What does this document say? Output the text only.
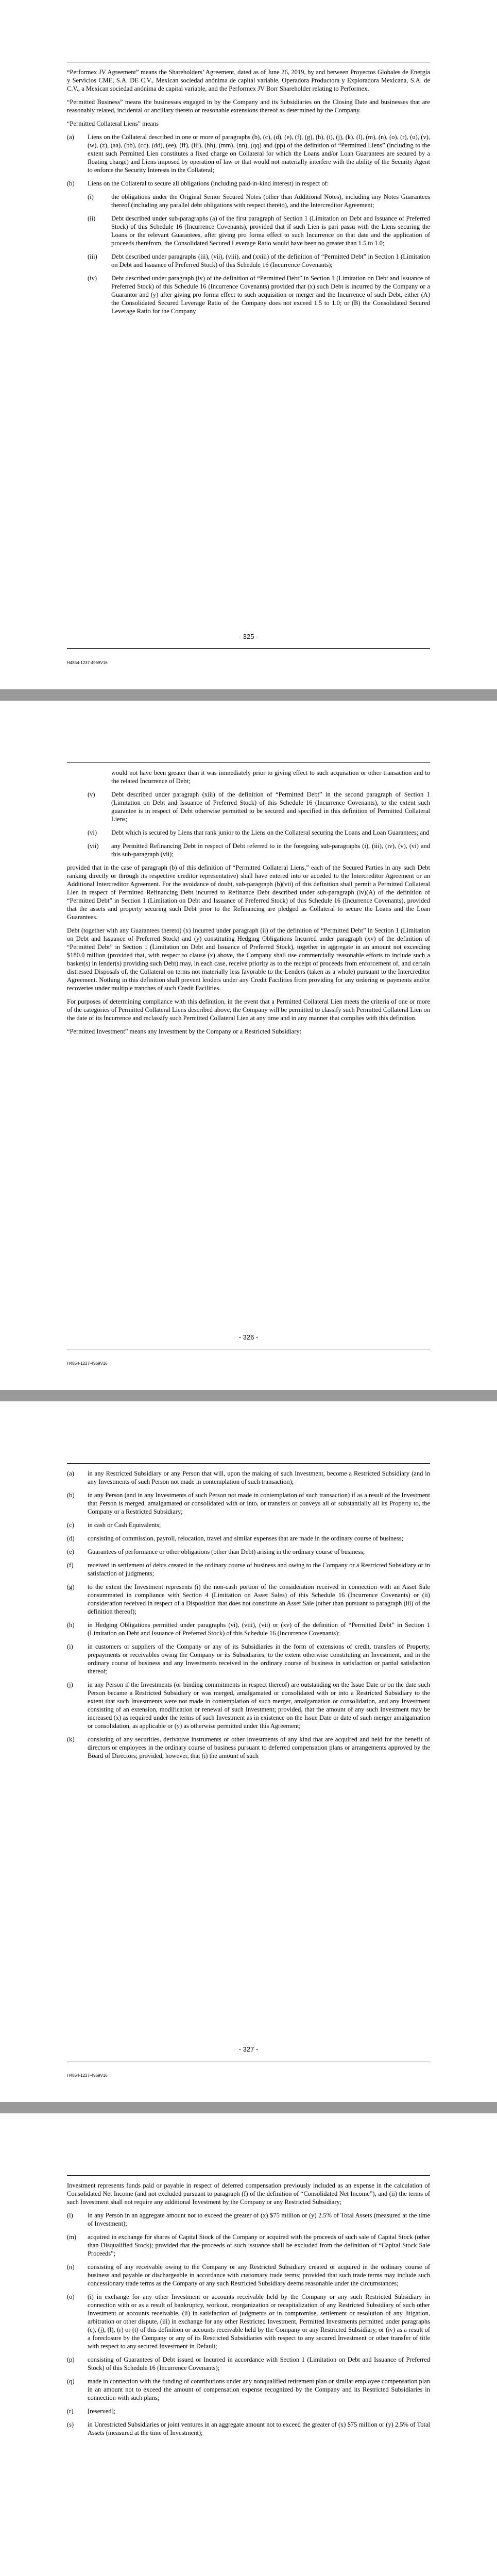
“Performex JV Agreement” means the Shareholders’ Agreement, dated as of June 26, 2019, by and between Proyectos Globales de Energía y Servicios CME, S.A. DE C.V., Mexican sociedad anónima de capital variable, Operadora Productora y Exploradora Mexicana, S.A. de C.V., a Mexican sociedad anónima de capital variable, and the Performex JV Borr Shareholder relating to Performex.

“Permitted Business” means the businesses engaged in by the Company and its Subsidiaries on the Closing Date and businesses that are reasonably related, incidental or ancillary thereto or reasonable extensions thereof as determined by the Company.

“Permitted Collateral Liens” means

(a) Liens on the Collateral described in one or more of paragraphs (b), (c), (d), (e), (f), (g), (h), (i), (j), (k), (l), (m), (n), (o), (r), (u), (v), (w), (z), (aa), (bb), (cc), (dd), (ee), (ff), (iii), (hh), (mm), (nn), (qq) and (pp) of the definition of “Permitted Liens” (including to the extent such Permitted Lien constitutes a fixed charge on Collateral for which the Loans and/or Loan Guarantees are secured by a floating charge) and Liens imposed by operation of law or that would not materially interfere with the ability of the Security Agent to enforce the Security Interests in the Collateral;
(b) Liens on the Collateral to secure all obligations (including paid-in-kind interest) in respect of:
(i)	the obligations under the Original Senior Secured Notes (other than Additional Notes), including any Notes Guarantees thereof (including any parallel debt obligations with respect thereto), and the Intercreditor Agreement;
(ii) Debt described under sub-paragraphs (a) of the first paragraph of Section 1 (Limitation on Debt and Issuance of Preferred Stock) of this Schedule 16 (Incurrence Covenants), provided that if such Lien is pari passu with the Liens securing the Loans or the relevant Guarantees, after giving pro forma effect to such Incurrence on that date and the application of proceeds therefrom, the Consolidated Secured Leverage Ratio would have been no greater than 1.5 to 1.0;
(iii) Debt described under paragraphs (iii), (vii), (viii), and (xxiii) of the definition of “Permitted Debt” in Section 1 (Limitation on Debt and Issuance of Preferred Stock) of this Schedule 16 (Incurrence Covenants);
(iv) Debt described under paragraph (iv) of the definition of “Permitted Debt” in Section 1 (Limitation on Debt and Issuance of Preferred Stock) of this Schedule 16 (Incurrence Covenants) provided that (x) such Debt is incurred by the Company or a Guarantor and (y) after giving pro forma effect to such acquisition or merger and the Incurrence of such Debt, either (A) the Consolidated Secured Leverage Ratio of the Company does not exceed 1.5 to 1.0; or (B) the Consolidated Secured Leverage Ratio for the Company
- 325 -
H4854-1237-4969V16

would not have been greater than it was immediately prior to giving effect to such acquisition or other transaction and to the related Incurrence of Debt;

(v)	Debt described under paragraph (xiii) of the definition of “Permitted Debt” in the second paragraph of Section 1 (Limitation on Debt and Issuance of Preferred Stock) of this Schedule 16 (Incurrence Covenants), to the extent such guarantee is in respect of Debt otherwise permitted to be secured and specified in this definition of Permitted Collateral Liens;
(vi) Debt which is secured by Liens that rank junior to the Liens on the Collateral securing the Loans and Loan Guarantees; and
(vii) any Permitted Refinancing Debt in respect of Debt referred to in the foregoing sub-paragraphs (i), (iii), (iv), (v), (vi) and this sub-paragraph (vii);

provided that in the case of paragraph (b) of this definition of “Permitted Collateral Liens,” each of the Secured Parties in any such Debt ranking directly or through its respective creditor representative) shall have entered into or acceded to the Intercreditor Agreement or an Additional Intercreditor Agreement. For the avoidance of doubt, sub-paragraph (b)(vii) of this definition shall permit a Permitted Collateral Lien in respect of Permitted Refinancing Debt incurred to Refinance Debt described under sub-paragraph (iv)(A) of the definition of “Permitted Debt” in Section 1 (Limitation on Debt and Issuance of Preferred Stock) of this Schedule 16 (Incurrence Covenants), provided that the assets and property securing such Debt prior to the Refinancing are pledged as Collateral to secure the Loans and the Loan Guarantees.

Debt (together with any Guarantees thereto) (x) Incurred under paragraph (ii) of the definition of “Permitted Debt” in Section 1 (Limitation on Debt and Issuance of Preferred Stock) and (y) constituting Hedging Obligations Incurred under paragraph (xv) of the definition of “Permitted Debt” in Section 1 (Limitation on Debt and Issuance of Preferred Stock), together in aggregate in an amount not exceeding $180.0 million (provided that, with respect to clause (x) above, the Company shall use commercially reasonable efforts to include such a basket(s) in lender(s) providing such Debt) may, in each case, receive priority as to the receipt of proceeds from enforcement of, and certain distressed Disposals of, the Collateral on terms not materially less favorable to the Lenders (taken as a whole) pursuant to the Intercreditor Agreement. Nothing in this definition shall prevent lenders under any Credit Facilities from providing for any ordering or payments and/or recoveries under multiple tranches of such Credit Facilities.

For purposes of determining compliance with this definition, in the event that a Permitted Collateral Lien meets the criteria of one or more of the categories of Permitted Collateral Liens described above, the Company will be permitted to classify such Permitted Collateral Lien on the date of its Incurrence and reclassify such Permitted Collateral Lien at any time and in any manner that complies with this definition.

“Permitted Investment” means any Investment by the Company or a Restricted Subsidiary:

- 326 -
H4854-1237-4969V16
(a) in any Restricted Subsidiary or any Person that will, upon the making of such Investment, become a Restricted Subsidiary (and in any Investments of such Person not made in contemplation of such transaction);
(b) in any Person (and in any Investments of such Person not made in contemplation of such transaction) if as a result of the Investment that Person is merged, amalgamated or consolidated with or into, or transfers or conveys all or substantially all its Property to, the Company or a Restricted Subsidiary;
(c) in cash or Cash Equivalents;
(d) consisting of commission, payroll, relocation, travel and similar expenses that are made in the ordinary course of business;
(e) Guarantees of performance or other obligations (other than Debt) arising in the ordinary course of business;
(f) received in settlement of debts created in the ordinary course of business and owing to the Company or a Restricted Subsidiary or in satisfaction of judgments;
(g) to the extent the Investment represents (i) the non-cash portion of the consideration received in connection with an Asset Sale consummated in compliance with Section 4 (Limitation on Asset Sales) of this Schedule 16 (Incurrence Covenants) or (ii) consideration received in respect of a Disposition that does not constitute an Asset Sale (other than pursuant to paragraph (iii) of the definition thereof);
(h) in Hedging Obligations permitted under paragraphs (vi), (viii), (vii) or (xv) of the definition of “Permitted Debt” in Section 1 (Limitation on Debt and Issuance of Preferred Stock) of this Schedule 16 (Incurrence Covenants);
(i) in customers or suppliers of the Company or any of its Subsidiaries in the form of extensions of credit, transfers of Property, prepayments or receivables owing the Company or its Subsidiaries, to the extent otherwise constituting an Investment, and in the ordinary course of business and any Investments received in the ordinary course of business in satisfaction or partial satisfaction thereof;
(j) in any Person if the Investments (or binding commitments in respect thereof) are outstanding on the Issue Date or on the date such Person became a Restricted Subsidiary or was merged, amalgamated or consolidated with or into a Restricted Subsidiary to the extent that such Investments were not made in contemplation of such merger, amalgamation or consolidation, and any Investment consisting of an extension, modification or renewal of such Investment; provided, that the amount of any such Investment may be increased (x) as required under the terms of such Investment as in existence on the Issue Date or date of such merger amalgamation or consolidation, as applicable or (y) as otherwise permitted under this Agreement;
(k) consisting of any securities, derivative instruments or other Investments of any kind that are acquired and held for the benefit of directors or employees in the ordinary course of business pursuant to deferred compensation plans or arrangements approved by the Board of Directors; provided, however, that (i) the amount of such
- 327 -
H4854-1237-4969V16

Investment represents funds paid or payable in respect of deferred compensation previously included as an expense in the calculation of Consolidated Net Income (and not excluded pursuant to paragraph (f) of the definition of “Consolidated Net Income”), and (ii) the terms of such Investment shall not require any additional Investment by the Company or any Restricted Subsidiary;

(l) in any Person in an aggregate amount not to exceed the greater of (x) $75 million or (y) 2.5% of Total Assets (measured at the time of Investment);
(m) acquired in exchange for shares of Capital Stock of the Company or acquired with the proceeds of such sale of Capital Stock (other than Disqualified Stock); provided that the proceeds of such issuance shall be excluded from the definition of “Capital Stock Sale Proceeds”;
(n) consisting of any receivable owing to the Company or any Restricted Subsidiary created or acquired in the ordinary course of business and payable or dischargeable in accordance with customary trade terms; provided that such trade terms may include such concessionary trade terms as the Company or any such Restricted Subsidiary deems reasonable under the circumstances;
(o) (i) in exchange for any other Investment or accounts receivable held by the Company or any such Restricted Subsidiary in connection with or as a result of bankruptcy, workout, reorganization or recapitalization of any Restricted Subsidiary of such other Investment or accounts receivable, (ii) in satisfaction of judgments or in compromise, settlement or resolution of any litigation, arbitration or other dispute, (iii) in exchange for any other Restricted Investment, Permitted Investments permitted under paragraphs (c), (j), (l), (r) or (t) of this definition or accounts receivable held by the Company or any Restricted Subsidiary, or (iv) as a result of a foreclosure by the Company or any of its Restricted Subsidiaries with respect to any secured Investment or other transfer of title with respect to any secured Investment in Default;
(p) consisting of Guarantees of Debt issued or Incurred in accordance with Section 1 (Limitation on Debt and Issuance of Preferred Stock) of this Schedule 16 (Incurrence Covenants);
(q) made in connection with the funding of contributions under any nonqualified retirement plan or similar employee compensation plan in an amount not to exceed the amount of compensation expense recognized by the Company and its Restricted Subsidiaries in connection with such plans;
(r) [reserved];
(s) in Unrestricted Subsidiaries or joint ventures in an aggregate amount not to exceed the greater of (x) $75 million or (y) 2.5% of Total Assets (measured at the time of Investment);
